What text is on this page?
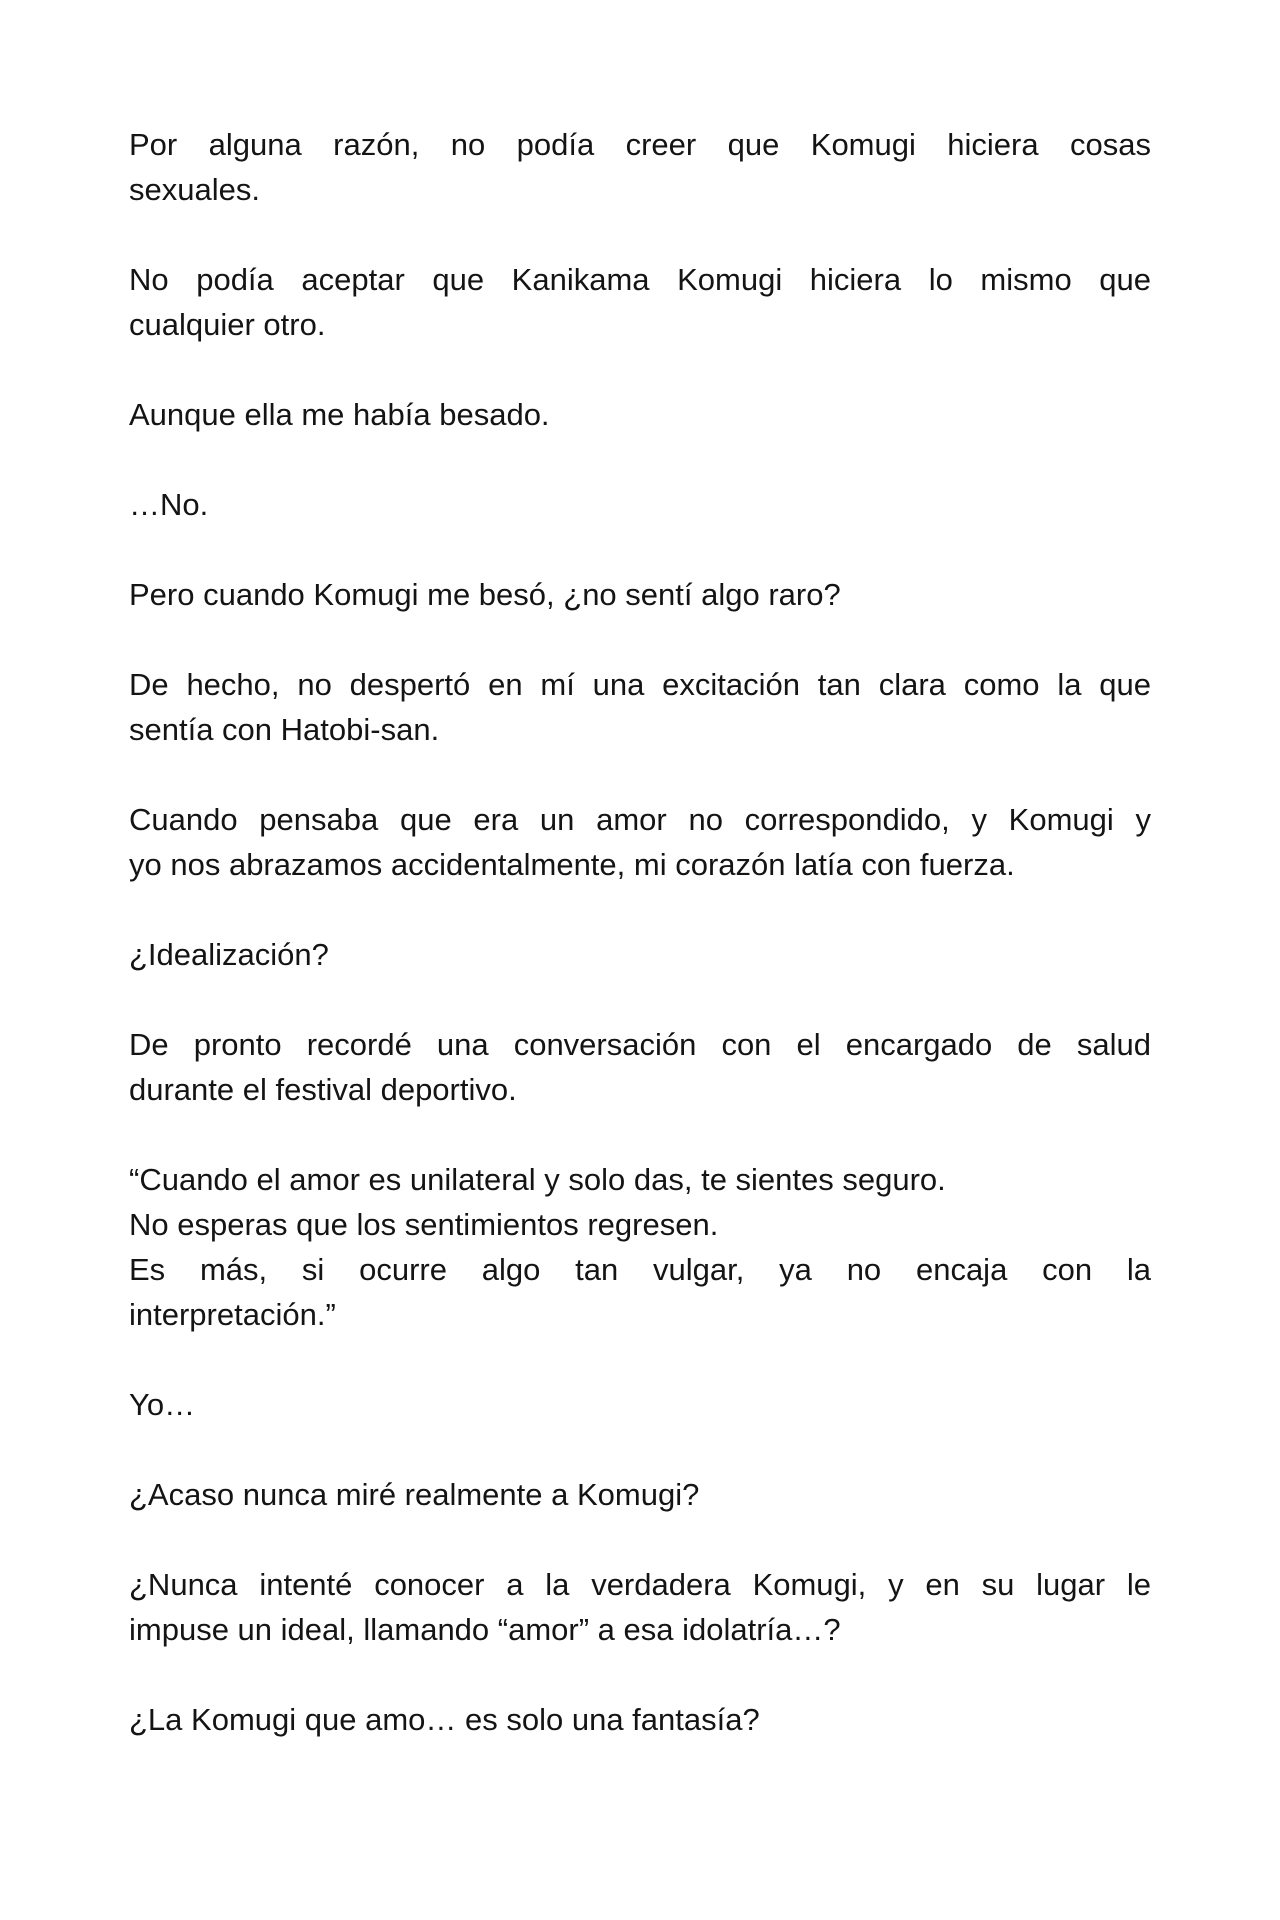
Por alguna razón, no podía creer que Komugi hiciera cosas
sexuales.

No podía aceptar que Kanikama Komugi hiciera lo mismo que
cualquier otro.

Aunque ella me había besado.

…No.

Pero cuando Komugi me besó, ¿no sentí algo raro?

De hecho, no despertó en mí una excitación tan clara como la que
sentía con Hatobi-san.

Cuando pensaba que era un amor no correspondido, y Komugi y
yo nos abrazamos accidentalmente, mi corazón latía con fuerza.

¿Idealización?

De pronto recordé una conversación con el encargado de salud
durante el festival deportivo.

“Cuando el amor es unilateral y solo das, te sientes seguro.
No esperas que los sentimientos regresen.
Es más, si ocurre algo tan vulgar, ya no encaja con la
interpretación.”

Yo…

¿Acaso nunca miré realmente a Komugi?

¿Nunca intenté conocer a la verdadera Komugi, y en su lugar le
impuse un ideal, llamando “amor” a esa idolatría…?

¿La Komugi que amo… es solo una fantasía?
